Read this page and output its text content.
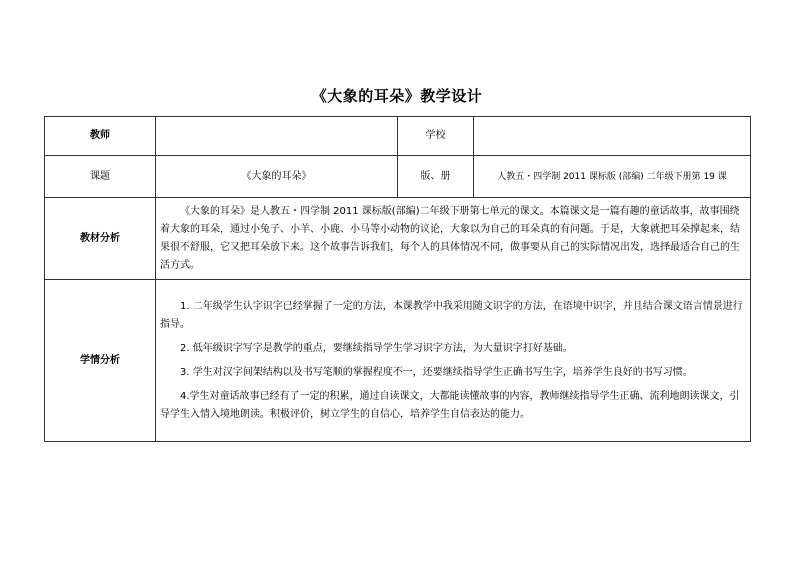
《大象的耳朵》教学设计
教师		学校	
课题	《大象的耳朵》	版、册	人教五・四学制 2011 课标版 (部编) 二年级下册第 19 课
教材分析	《大象的耳朵》是人教五・四学制 2011 课标版(部编)二年级下册第七单元的课文。本篇课文是一篇有趣的童话故事，故事围绕着大象的耳朵，通过小兔子、小羊、小鹿、小马等小动物的议论，大象以为自己的耳朵真的有问题。于是，大象就把耳朵撑起来，结果很不舒服，它又把耳朵放下来。这个故事告诉我们，每个人的具体情况不同，做事要从自己的实际情况出发，选择最适合自己的生活方式。		

学情分析	1. 二年级学生认字识字已经掌握了一定的方法，本课教学中我采用随文识字的方法，在语境中识字，并且结合课文语言情景进行指导。

2. 低年级识字写字是教学的重点，要继续指导学生学习识字方法，为大量识字打好基础。

3. 学生对汉字间架结构以及书写笔顺的掌握程度不一，还要继续指导学生正确书写生字，培养学生良好的书写习惯。

4.学生对童话故事已经有了一定的积累，通过自读课文，大都能读懂故事的内容，教师继续指导学生正确、流利地朗读课文，引导学生入情入境地朗读。积极评价，树立学生的自信心，培养学生自信表达的能力。		
